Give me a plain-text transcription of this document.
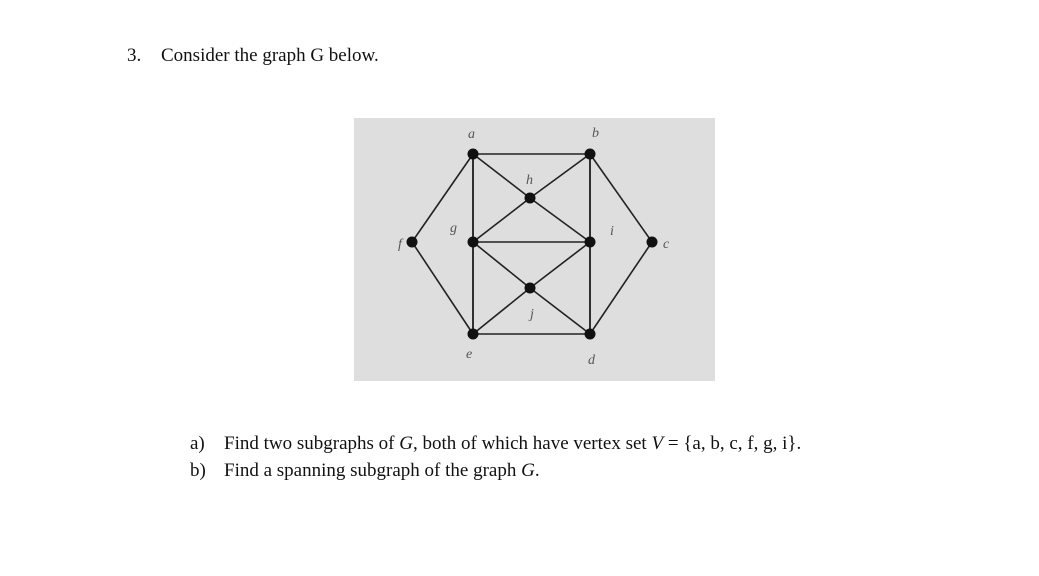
3. Consider the graph G below.
a	b
c
d
e
f
g
h
i
j
a) Find two subgraphs of G, both of which have vertex set V = {a, b, c, f, g, i}.
b) Find a spanning subgraph of the graph G.
